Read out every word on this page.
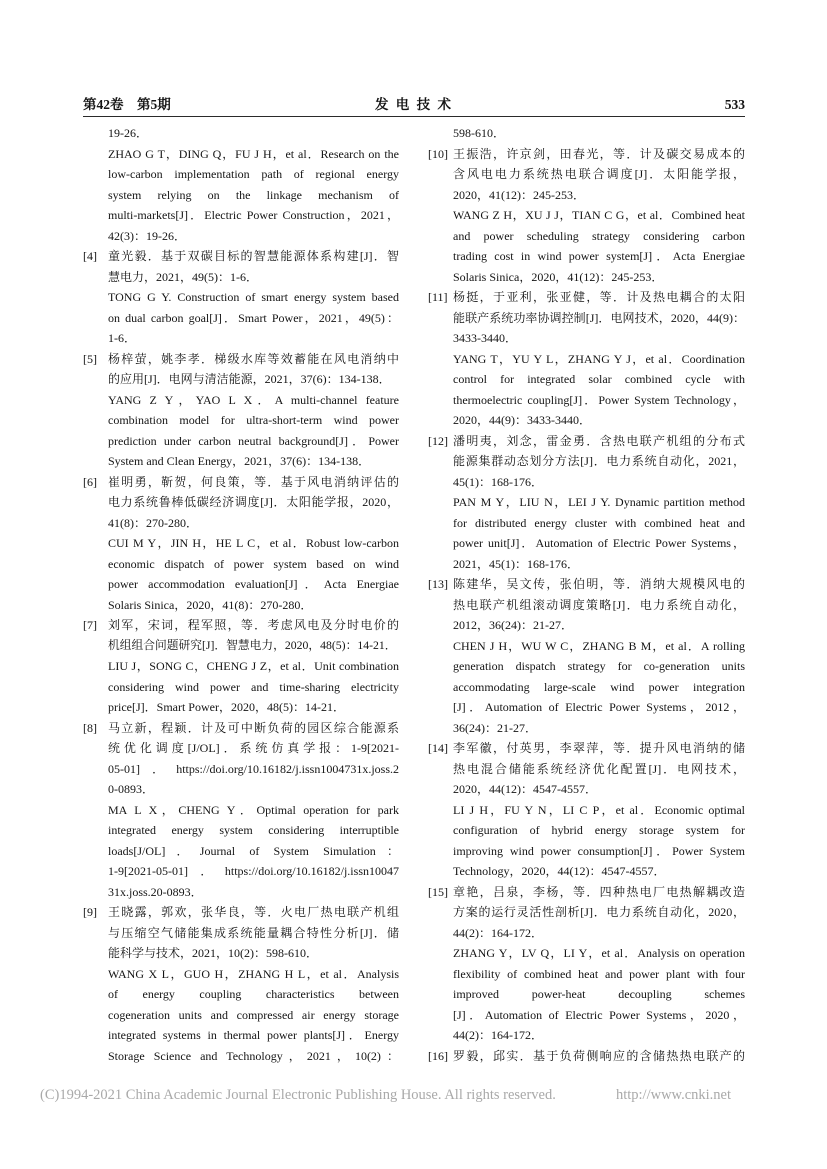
第42卷　第5期	发 电 技 术	533
19-26．
ZHAO G T，DING Q，FU J H，et al．Research on the
low-carbon implementation path of regional energy
system relying on the linkage mechanism of
multi-markets[J]．Electric Power Construction，2021，
42(3)：19-26．
[4] 童光毅．基于双碳目标的智慧能源体系构建[J]．智
慧电力，2021，49(5)：1-6．
TONG G Y. Construction of smart energy system based
on dual carbon goal[J]．Smart Power，2021，49(5)：
1-6．
[5] 杨梓萤，姚李孝．梯级水库等效蓄能在风电消纳中
的应用[J]．电网与清洁能源，2021，37(6)：134-138．
YANG Z Y，YAO L X．A multi-channel feature
combination model for ultra-short-term wind power
prediction under carbon neutral background[J]．Power
System and Clean Energy，2021，37(6)：134-138．
[6] 崔明勇，靳贺，何良策，等．基于风电消纳评估的
电力系统鲁棒低碳经济调度[J]．太阳能学报，2020，
41(8)：270-280．
CUI M Y，JIN H，HE L C，et al．Robust low-carbon
economic dispatch of power system based on wind
power accommodation evaluation[J]．Acta Energiae
Solaris Sinica，2020，41(8)：270-280．
[7] 刘军，宋词，程军照，等．考虑风电及分时电价的
机组组合问题研究[J]．智慧电力，2020，48(5)：14-21．
LIU J，SONG C，CHENG J Z，et al．Unit combination
considering wind power and time-sharing electricity
price[J]．Smart Power，2020，48(5)：14-21．
[8] 马立新，程颖．计及可中断负荷的园区综合能源系
统优化调度[J/OL]．系统仿真学报：1-9[2021-
05-01]．https://doi.org/10.16182/j.issn1004731x.joss.2
0-0893．
MA L X，CHENG Y．Optimal operation for park
integrated energy system considering interruptible
loads[J/OL]．Journal of System Simulation：
1-9[2021-05-01]．https://doi.org/10.16182/j.issn10047
31x.joss.20-0893．
[9] 王晓露，郭欢，张华良，等．火电厂热电联产机组
与压缩空气储能集成系统能量耦合特性分析[J]．储
能科学与技术，2021，10(2)：598-610．
WANG X L，GUO H，ZHANG H L，et al．Analysis
of energy coupling characteristics between
cogeneration units and compressed air energy storage
integrated systems in thermal power plants[J]．Energy
Storage Science and Technology，2021，10(2)：
598-610．
[10] 王振浩，许京剑，田春光，等．计及碳交易成本的
含风电电力系统热电联合调度[J]．太阳能学报，
2020，41(12)：245-253．
WANG Z H，XU J J，TIAN C G，et al．Combined heat
and power scheduling strategy considering carbon
trading cost in wind power system[J]．Acta Energiae
Solaris Sinica，2020，41(12)：245-253．
[11] 杨挺，于亚利，张亚健，等．计及热电耦合的太阳
能联产系统功率协调控制[J]．电网技术，2020，44(9)：
3433-3440．
YANG T，YU Y L，ZHANG Y J，et al．Coordination
control for integrated solar combined cycle with
thermoelectric coupling[J]．Power System Technology，
2020，44(9)：3433-3440．
[12] 潘明夷，刘念，雷金勇．含热电联产机组的分布式
能源集群动态划分方法[J]．电力系统自动化，2021，
45(1)：168-176．
PAN M Y，LIU N，LEI J Y. Dynamic partition method
for distributed energy cluster with combined heat and
power unit[J]．Automation of Electric Power Systems，
2021，45(1)：168-176．
[13] 陈建华，吴文传，张伯明，等．消纳大规模风电的
热电联产机组滚动调度策略[J]．电力系统自动化，
2012，36(24)：21-27．
CHEN J H，WU W C，ZHANG B M，et al．A rolling
generation dispatch strategy for co-generation units
accommodating large-scale wind power integration
[J]．Automation of Electric Power Systems，2012，
36(24)：21-27．
[14] 李军徽，付英男，李翠萍，等．提升风电消纳的储
热电混合储能系统经济优化配置[J]．电网技术，
2020，44(12)：4547-4557．
LI J H，FU Y N，LI C P，et al．Economic optimal
configuration of hybrid energy storage system for
improving wind power consumption[J]．Power System
Technology，2020，44(12)：4547-4557．
[15] 章艳，吕泉，李杨，等．四种热电厂电热解耦改造
方案的运行灵活性剖析[J]．电力系统自动化，2020，
44(2)：164-172．
ZHANG Y，LV Q，LI Y，et al．Analysis on operation
flexibility of combined heat and power plant with four
improved power-heat decoupling schemes
[J]．Automation of Electric Power Systems，2020，
44(2)：164-172．
[16] 罗毅，邱实．基于负荷侧响应的含储热热电联产的
(C)1994-2021 China Academic Journal Electronic Publishing House. All rights reserved.	http://www.cnki.net
